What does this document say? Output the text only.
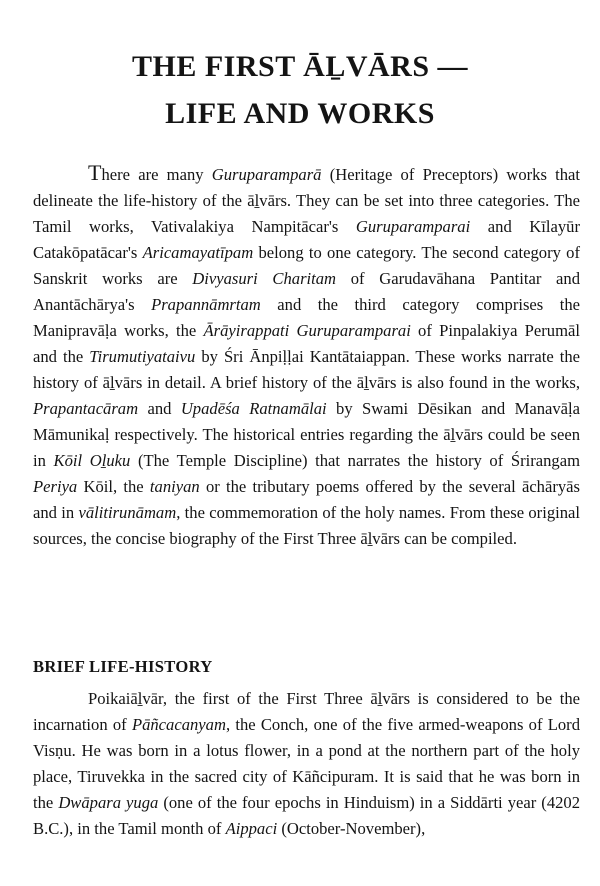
THE FIRST ĀḺVĀRS —
LIFE AND WORKS

There are many Guruparamparā (Heritage of Preceptors) works that delineate the life-history of the āḻvārs. They can be set into three categories. The Tamil works, Vativalakiya Nampitācar's Guruparamparai and Kīlayūr Catakōpatācar's Aricamayatīpam belong to one category. The second category of Sanskrit works are Divyasuri Charitam of Garudavāhana Pantitar and Anantāchārya's Prapannāmrtam and the third category comprises the Manipravāḷa works, the Ārāyirappati Guruparamparai of Pinpalakiya Perumāl and the Tirumutiyataivu by Śri Ānpiḷḷai Kantātaiappan. These works narrate the history of āḻvārs in detail. A brief history of the āḻvārs is also found in the works, Prapantacāram and Upadēśa Ratnamālai by Swami Dēsikan and Manavāḷa Māmunikaḷ respectively. The historical entries regarding the āḻvārs could be seen in Kōil Oḻuku (The Temple Discipline) that narrates the history of Śrirangam Periya Kōil, the taniyan or the tributary poems offered by the several āchāryās and in vālitirunāmam, the commemoration of the holy names. From these original sources, the concise biography of the First Three āḻvārs can be compiled.

BRIEF LIFE-HISTORY

Poikaiāḻvār, the first of the First Three āḻvārs is considered to be the incarnation of Pāñcacanyam, the Conch, one of the five armed-weapons of Lord Visṇu. He was born in a lotus flower, in a pond at the northern part of the holy place, Tiruvekka in the sacred city of Kāñcipuram. It is said that he was born in the Dwāpara yuga (one of the four epochs in Hinduism) in a Siddārti year (4202 B.C.), in the Tamil month of Aippaci (October-November),
